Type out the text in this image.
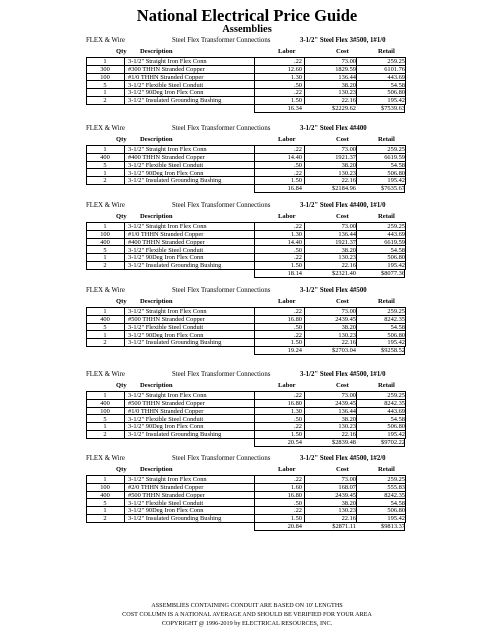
National Electrical Price Guide
Assemblies
FLEX & Wire	Steel Flex Transformer Connections	3-1/2" Steel Flex 3#500, 1#1/0
Qty Description	Labor	Cost	Retail
1	3-1/2" Straight Iron Flex Conn	.22	73.00	259.25
300	#300 THHN Stranded Copper	12.60	1829.59	6101.76
100	#1/0 THHN Stranded Copper	1.30	136.44	443.69
5	3-1/2" Flexible Steel Conduit	.50	38.20	54.58
1	3-1/2" 90Deg Iron Flex Conn	.22	130.23	506.80
2	3-1/2" Insulated Grounding Bushing	1.50	22.16	195.42
16.34	$2229.62	$7539.63
FLEX & Wire	Steel Flex Transformer Connections	3-1/2" Steel Flex 4#400
Qty Description	Labor	Cost	Retail
1	3-1/2" Straight Iron Flex Conn	.22	73.00	259.25
400	#400 THHN Stranded Copper	14.40	1921.37	6619.59
5	3-1/2" Flexible Steel Conduit	.50	38.20	54.58
1	3-1/2" 90Deg Iron Flex Conn	.22	130.23	506.80
2	3-1/2" Insulated Grounding Bushing	1.50	22.16	195.42
16.84	$2184.96	$7635.67
FLEX & Wire	Steel Flex Transformer Connections	3-1/2" Steel Flex 4#400, 1#1/0
Qty Description	Labor	Cost	Retail
1	3-1/2" Straight Iron Flex Conn	.22	73.00	259.25
100	#1/0 THHN Stranded Copper	1.30	136.44	443.69
400	#400 THHN Stranded Copper	14.40	1921.37	6619.59
5	3-1/2" Flexible Steel Conduit	.50	38.20	54.58
1	3-1/2" 90Deg Iron Flex Conn	.22	130.23	506.80
2	3-1/2" Insulated Grounding Bushing	1.50	22.16	195.42
18.14	$2321.40	$8077.36
FLEX & Wire	Steel Flex Transformer Connections	3-1/2" Steel Flex 4#500
Qty Description	Labor	Cost	Retail
1	3-1/2" Straight Iron Flex Conn	.22	73.00	259.25
400	#500 THHN Stranded Copper	16.80	2439.45	8242.35
5	3-1/2" Flexible Steel Conduit	.50	38.20	54.58
1	3-1/2" 90Deg Iron Flex Conn	.22	130.23	506.80
2	3-1/2" Insulated Grounding Bushing	1.50	22.16	195.42
19.24	$2703.04	$9258.52
FLEX & Wire	Steel Flex Transformer Connections	3-1/2" Steel Flex 4#500, 1#1/0
Qty Description	Labor	Cost	Retail
1	3-1/2" Straight Iron Flex Conn	.22	73.00	259.25
400	#500 THHN Stranded Copper	16.80	2439.45	8242.35
100	#1/0 THHN Stranded Copper	1.30	136.44	443.69
5	3-1/2" Flexible Steel Conduit	.50	38.20	54.58
1	3-1/2" 90Deg Iron Flex Conn	.22	130.23	506.80
2	3-1/2" Insulated Grounding Bushing	1.50	22.16	195.42
20.54	$2839.48	$9702.22
FLEX & Wire	Steel Flex Transformer Connections	3-1/2" Steel Flex 4#500, 1#2/0
Qty Description	Labor	Cost	Retail
1	3-1/2" Straight Iron Flex Conn	.22	73.00	259.25
100	#2/0 THHN Stranded Copper	1.60	168.07	555.83
400	#500 THHN Stranded Copper	16.80	2439.45	8242.35
5	3-1/2" Flexible Steel Conduit	.50	38.20	54.58
1	3-1/2" 90Deg Iron Flex Conn	.22	130.23	506.80
2	3-1/2" Insulated Grounding Bushing	1.50	22.16	195.42
20.84	$2871.11	$9813.37
ASSEMBLIES CONTAINING CONDUIT ARE BASED ON 10' LENGTHS
COST COLUMN IS A NATIONAL AVERAGE AND SHOULD BE VERIFIED FOR YOUR AREA
COPYRIGHT @ 1996-2019 by ELECTRICAL RESOURCES, INC.
